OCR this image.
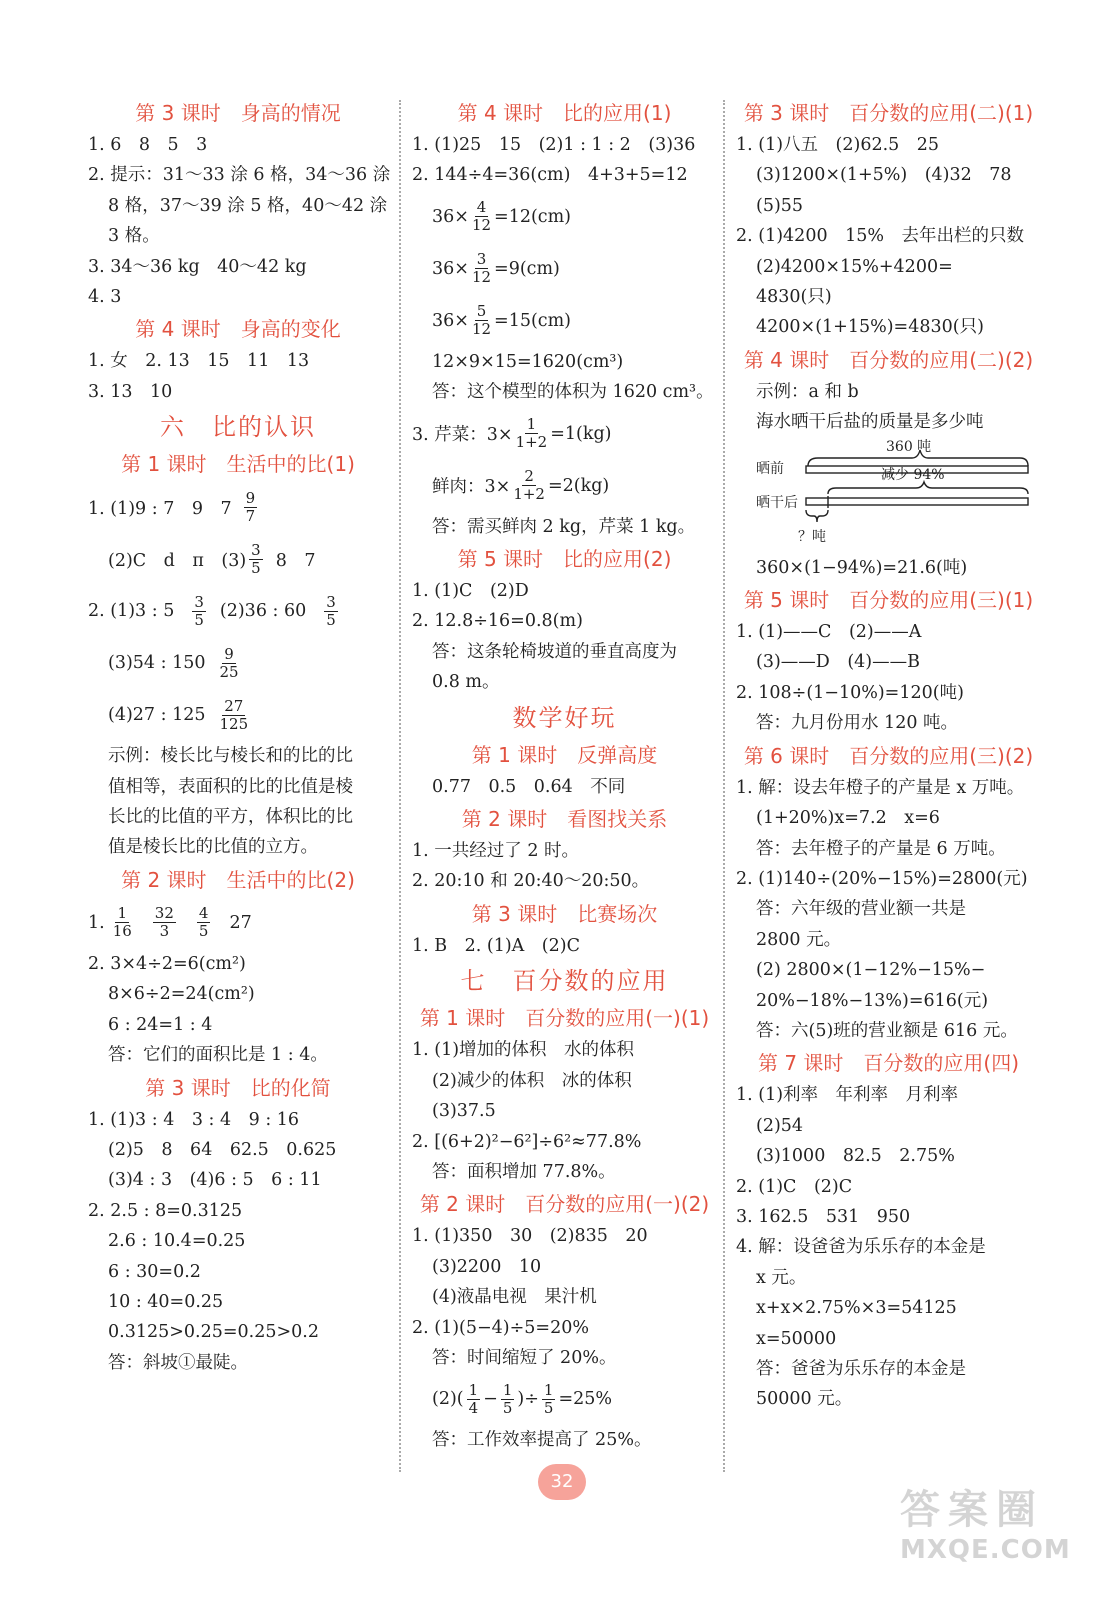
第 3 课时　身高的情况
1. 6　8　5　3
2. 提示：31～33 涂 6 格，34～36 涂
8 格，37～39 涂 5 格，40～42 涂
3 格。
3. 34～36 kg　40～42 kg
4. 3
第 4 课时　身高的变化
1. 女　2. 13　15　11　13
3. 13　10
六　比的认识
第 1 课时　生活中的比(1)
1. (1)9 : 7　9　$7 \frac{9}{7}$
(2)C　d　π　$(3) \frac{3}{5} 8$　7
2. (1)3 : $5 \frac{3}{5} (2)36$ : $60 \frac{3}{5}$
(3)54 : $150 \frac{9}{25}$
(4)27 : $125 \frac{27}{125}$
示例：棱长比与棱长和的比的比
值相等，表面积的比的比值是棱
长比的比值的平方，体积比的比
值是棱长比的比值的立方。
第 2 课时　生活中的比(2)
1. $\frac{1}{16} \frac{32}{3} \frac{4}{5} 27$
2. 3×4÷2=6(cm²)
8×6÷2=24(cm²)
6 : 24=1 : 4
答：它们的面积比是 1 : 4。
第 3 课时　比的化简
1. (1)3 : 4　3 : 4　9 : 16
(2)5　8　64　62.5　0.625
(3)4 : 3　(4)6 : 5　6 : 11
2. 2.5 : 8=0.3125
2.6 : 10.4=0.25
6 : 30=0.2
10 : 40=0.25
0.3125>0.25=0.25>0.2
答：斜坡①最陡。
第 4 课时　比的应用(1)
1. (1)25　15　(2)1 : 1 : 2　(3)36
2. 144÷4=36(cm)　4+3+5=12
$36\times \frac{4}{12} =12(cm)$
$36\times \frac{3}{12} =9(cm)$
$36\times \frac{5}{12} =15(cm)$
12×9×15=1620(cm³)
答：这个模型的体积为 1620 cm³。
3. 芹菜：$3\times \frac{1}{1+2} =1(kg)$
鲜肉：$3\times \frac{2}{1+2} =2(kg)$
答：需买鲜肉 2 kg，芹菜 1 kg。
第 5 课时　比的应用(2)
1. (1)C　(2)D
2. 12.8÷16=0.8(m)
答：这条轮椅坡道的垂直高度为
0.8 m。
数学好玩
第 1 课时　反弹高度
0.77　0.5　0.64　不同
第 2 课时　看图找关系
1. 一共经过了 2 时。
2. 20:10 和 20:40～20:50。
第 3 课时　比赛场次
1. B　2. (1)A　(2)C
七　百分数的应用
第 1 课时　百分数的应用(一)(1)
1. (1)增加的体积　水的体积
(2)减少的体积　冰的体积
(3)37.5
2. [(6+2)²−6²]÷6²≈77.8%
答：面积增加 77.8%。
第 2 课时　百分数的应用(一)(2)
1. (1)350　30　(2)835　20
(3)2200　10
(4)液晶电视　果汁机
2. (1)(5−4)÷5=20%
答：时间缩短了 20%。
$(2)( \frac{1}{4} - \frac{1}{5}$ )÷ $\frac{1}{5} =25\%$
答：工作效率提高了 25%。
第 3 课时　百分数的应用(二)(1)
1. (1)八五　(2)62.5　25
(3)1200×(1+5%)　(4)32　78
(5)55
2. (1)4200　15%　去年出栏的只数
(2)4200×15%+4200=
4830(只)
4200×(1+15%)=4830(只)
第 4 课时　百分数的应用(二)(2)
示例：a 和 b
海水晒干后盐的质量是多少吨
360 吨
晒前	减少 94%
晒干后
？吨
360×(1−94%)=21.6(吨)
第 5 课时　百分数的应用(三)(1)
1. (1)——C　(2)——A
(3)——D　(4)——B
2. 108÷(1−10%)=120(吨)
答：九月份用水 120 吨。
第 6 课时　百分数的应用(三)(2)
1. 解：设去年橙子的产量是 x 万吨。
(1+20%)x=7.2　x=6
答：去年橙子的产量是 6 万吨。
2. (1)140÷(20%−15%)=2800(元)
答：六年级的营业额一共是
2800 元。
(2) 2800×(1−12%−15%−
20%−18%−13%)=616(元)
答：六(5)班的营业额是 616 元。
第 7 课时　百分数的应用(四)
1. (1)利率　年利率　月利率
(2)54
(3)1000　82.5　2.75%
2. (1)C　(2)C
3. 162.5　531　950
4. 解：设爸爸为乐乐存的本金是
x 元。
x+x×2.75%×3=54125
x=50000
答：爸爸为乐乐存的本金是
50000 元。
32
答案圈
MXQE.COM
